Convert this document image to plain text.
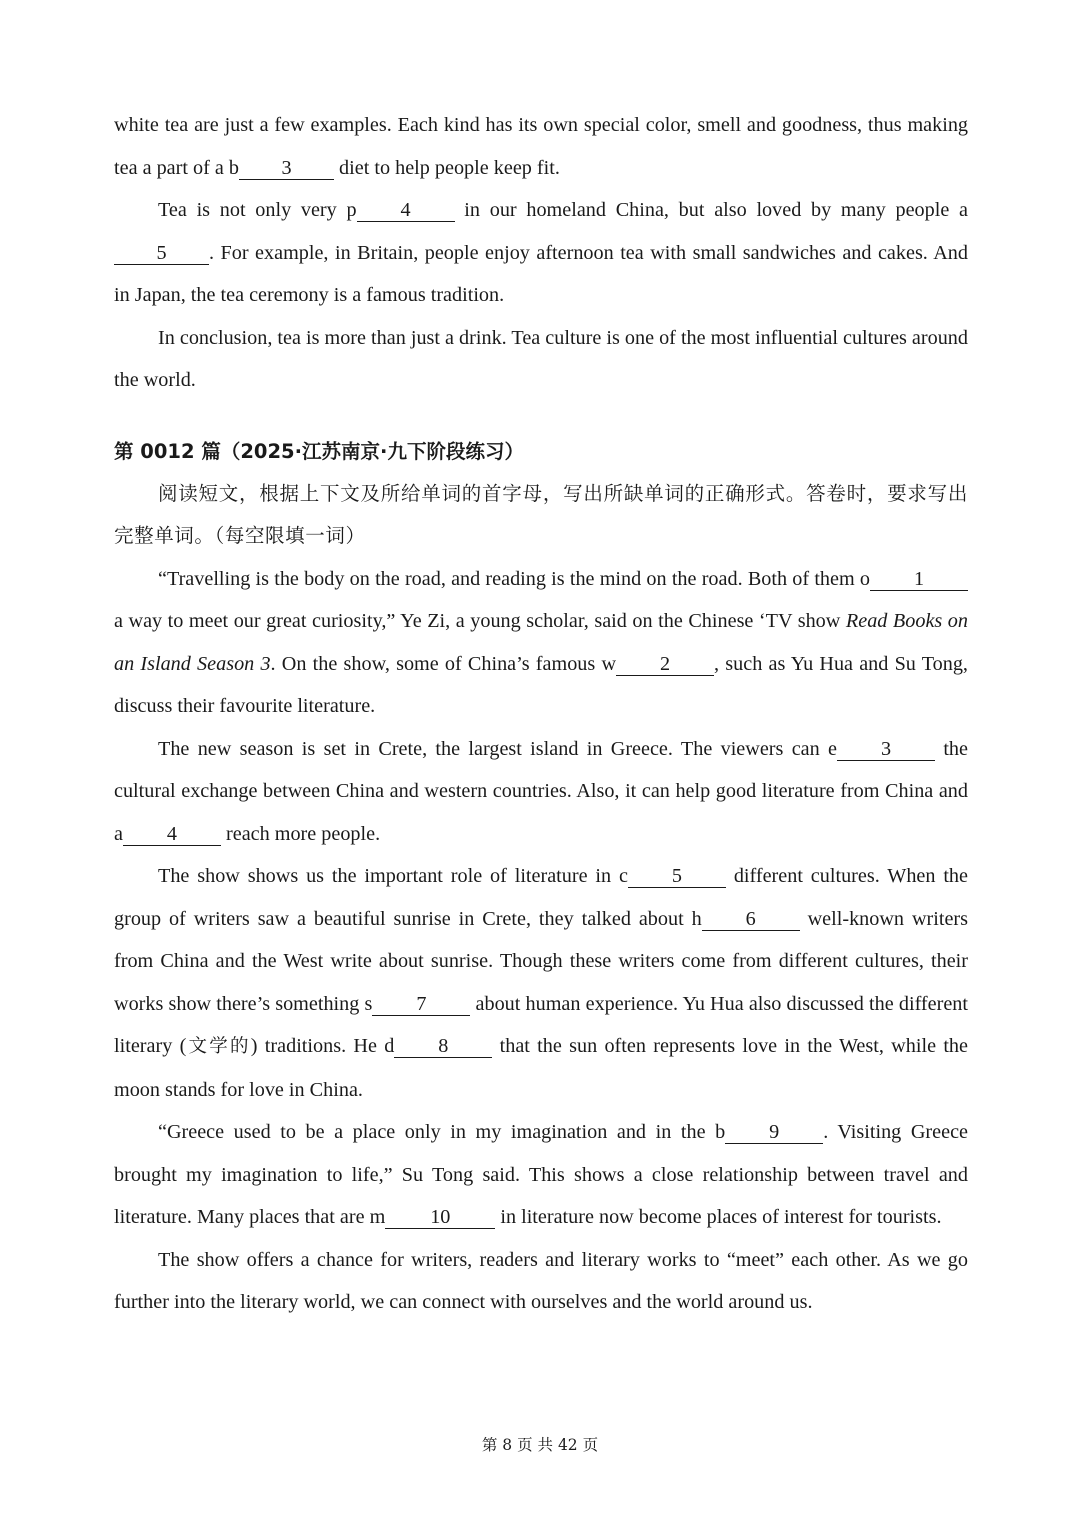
white tea are just a few examples. Each kind has its own special color, smell and goodness, thus making tea a part of a b 3 diet to help people keep fit.

Tea is not only very p 4 in our homeland China, but also loved by many people a5 . For example, in Britain, people enjoy afternoon tea with small sandwiches and cakes. And in Japan, the tea ceremony is a famous tradition.

In conclusion, tea is more than just a drink. Tea culture is one of the most influential cultures around the world.

第 0012 篇（2025·江苏南京·九下阶段练习）

阅读短文，根据上下文及所给单词的首字母，写出所缺单词的正确形式。答卷时，要求写出完整单词。（每空限填一词）

“Travelling is the body on the road, and reading is the mind on the road. Both of them o 1 a way to meet our great curiosity,” Ye Zi, a young scholar, said on the Chinese ‘TV show Read Books on an Island Season 3. On the show, some of China’s famous w 2 , such as Yu Hua and Su Tong, discuss their favourite literature.

The new season is set in Crete, the largest island in Greece. The viewers can e 3 the cultural exchange between China and western countries. Also, it can help good literature from China and a 4 reach more people.

The show shows us the important role of literature in c 5 different cultures. When the group of writers saw a beautiful sunrise in Crete, they talked about h 6 well-known writers from China and the West write about sunrise. Though these writers come from different cultures, their works show there’s something s 7 about human experience. Yu Hua also discussed the different literary (文学的) traditions. He d 8 that the sun often represents love in the West, while the moon stands for love in China.

“Greece used to be a place only in my imagination and in the b 9 . Visiting Greece brought my imagination to life,” Su Tong said. This shows a close relationship between travel and literature. Many places that are m 10 in literature now become places of interest for tourists.

The show offers a chance for writers, readers and literary works to “meet” each other. As we go further into the literary world, we can connect with ourselves and the world around us.

第 8 页 共 42 页
